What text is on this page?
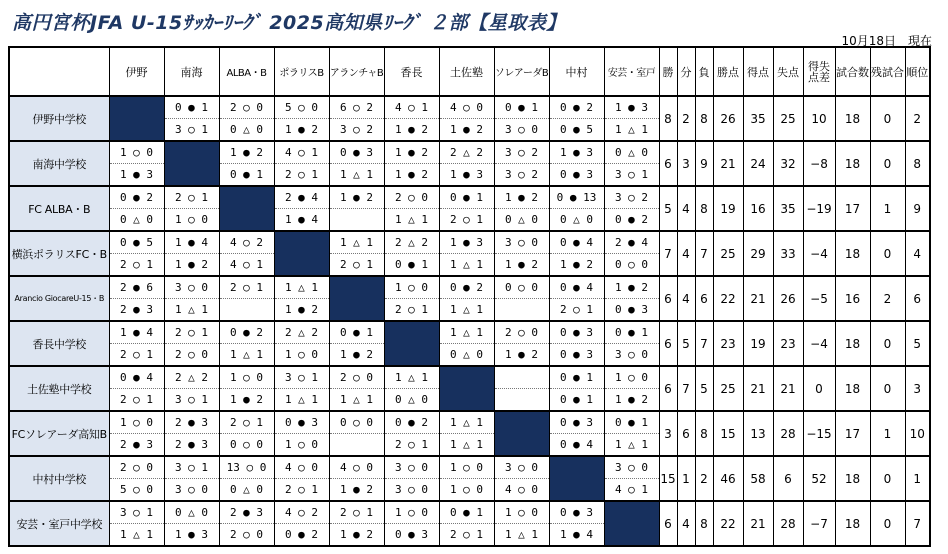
高円宮杯JFA U-15ｻｯｶｰﾘｰｸﾞ 2025高知県ﾘｰｸﾞ ２部【星取表】
10月18日 現在
	伊野	南海	ALBA・B	ポラリスB	アランチャB	香長	土佐塾	ソレアーダB	中村	安芸・室戸	勝	分	負	勝点	得点	失点	得失点差	試合数	残試合	順位
伊野中学校		0 ● 1	2 ○ 0	5 ○ 0	6 ○ 2	4 ○ 1	4 ○ 0	0 ● 1	0 ● 2	1 ● 3	8	2	8	26	35	25	10	18	0	2
		3 ○ 1	0 △ 0	1 ● 2	3 ○ 2	1 ● 2	1 ● 2	3 ○ 0	0 ● 5	1 △ 1										
南海中学校	1 ○ 0		1 ● 2	4 ○ 1	0 ● 3	1 ● 2	2 △ 2	3 ○ 2	1 ● 3	0 △ 0	6	3	9	21	24	32	−8	18	0	8
	1 ● 3		0 ● 1	2 ○ 1	1 △ 1	1 ● 2	1 ● 3	3 ○ 2	0 ● 3	3 ○ 1										
FC ALBA・B	0 ● 2	2 ○ 1		2 ● 4	1 ● 2	2 ○ 0	0 ● 1	1 ● 2	0 ● 13	3 ○ 2	5	4	8	19	16	35	−19	17	1	9
	0 △ 0	1 ○ 0		1 ● 4		1 △ 1	2 ○ 1	0 △ 0	0 △ 0	0 ● 2										
横浜ポラリスFC・B	0 ● 5	1 ● 4	4 ○ 2		1 △ 1	2 △ 2	1 ● 3	3 ○ 0	0 ● 4	2 ● 4	7	4	7	25	29	33	−4	18	0	4
	2 ○ 1	1 ● 2	4 ○ 1		2 ○ 1	0 ● 1	1 △ 1	1 ● 2	1 ● 2	0 ○ 0										
Arancio GiocareU-15・B	2 ● 6	3 ○ 0	2 ○ 1	1 △ 1		1 ○ 0	0 ● 2	0 ○ 0	0 ● 4	1 ● 2	6	4	6	22	21	26	−5	16	2	6
	2 ● 3	1 △ 1		1 ● 2		2 ○ 1	1 △ 1		2 ○ 1	0 ● 3										
香長中学校	1 ● 4	2 ○ 1	0 ● 2	2 △ 2	0 ● 1		1 △ 1	2 ○ 0	0 ● 3	0 ● 1	6	5	7	23	19	23	−4	18	0	5
	2 ○ 1	2 ○ 0	1 △ 1	1 ○ 0	1 ● 2		0 △ 0	1 ● 2	0 ● 3	3 ○ 0										
土佐塾中学校	0 ● 4	2 △ 2	1 ○ 0	3 ○ 1	2 ○ 0	1 △ 1			0 ● 1	1 ○ 0	6	7	5	25	21	21	0	18	0	3
	2 ○ 1	3 ○ 1	1 ● 2	1 △ 1	1 △ 1	0 △ 0			0 ● 1	1 ● 2										
FCソレアーダ高知B	1 ○ 0	2 ● 3	2 ○ 1	0 ● 3	0 ○ 0	0 ● 2	1 △ 1		0 ● 3	0 ● 1	3	6	8	15	13	28	−15	17	1	10
	2 ● 3	2 ● 3	0 ○ 0	1 ○ 0		2 ○ 1	1 △ 1		0 ● 4	1 △ 1										
中村中学校	2 ○ 0	3 ○ 1	13 ○ 0	4 ○ 0	4 ○ 0	3 ○ 0	1 ○ 0	3 ○ 0		3 ○ 0	15	1	2	46	58	6	52	18	0	1
	5 ○ 0	3 ○ 0	0 △ 0	2 ○ 1	1 ● 2	3 ○ 0	1 ○ 0	4 ○ 0		4 ○ 1										
安芸・室戸中学校	3 ○ 1	0 △ 0	2 ● 3	4 ○ 2	2 ○ 1	1 ○ 0	0 ● 1	1 ○ 0	0 ● 3		6	4	8	22	21	28	−7	18	0	7
	1 △ 1	1 ● 3	2 ○ 0	0 ● 2	1 ● 2	0 ● 3	2 ○ 1	1 △ 1	1 ● 4											
